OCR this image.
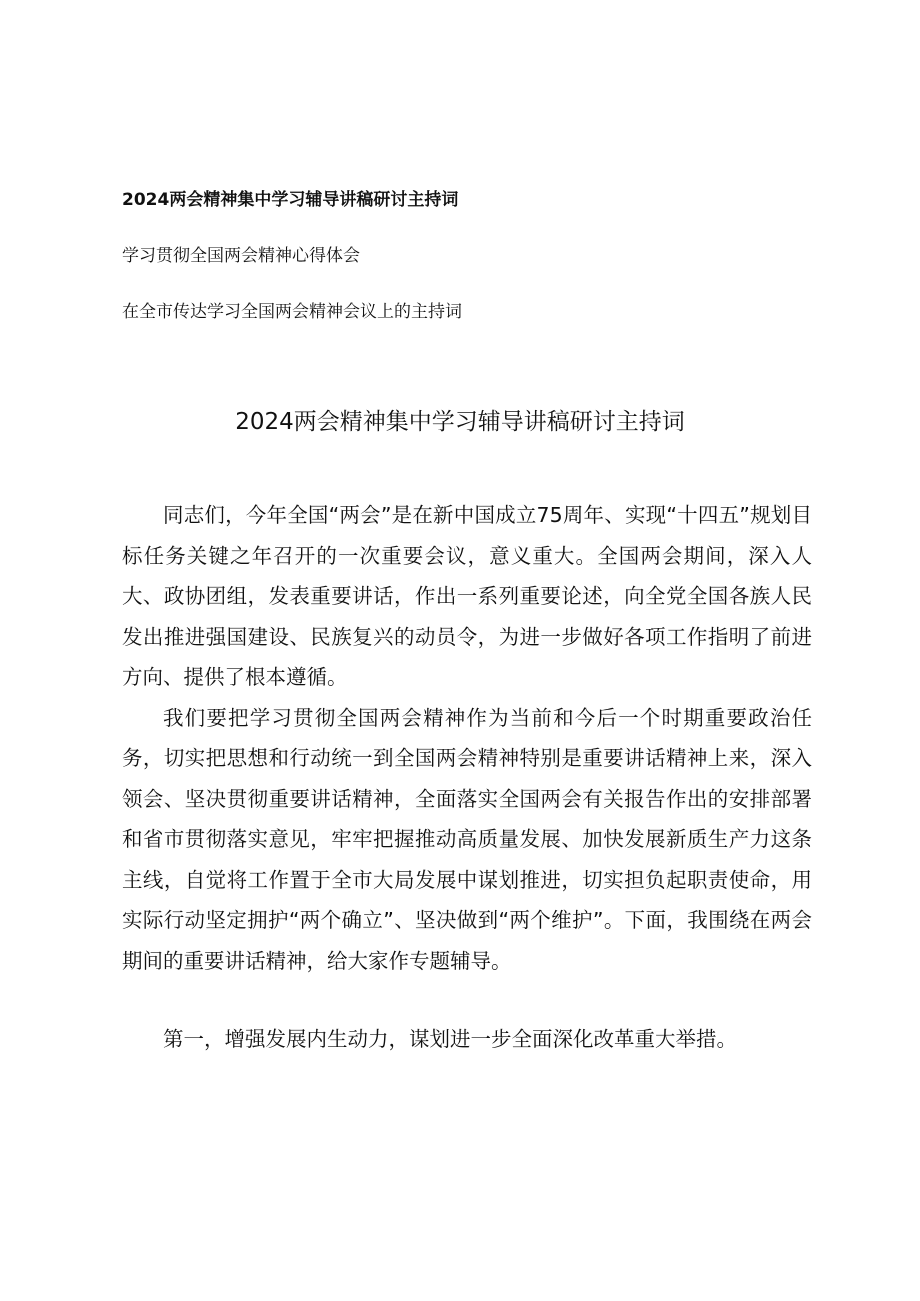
2024两会精神集中学习辅导讲稿研讨主持词
学习贯彻全国两会精神心得体会
在全市传达学习全国两会精神会议上的主持词
2024两会精神集中学习辅导讲稿研讨主持词

同志们，今年全国“两会”是在新中国成立75周年、实现“十四五”规划目标任务关键之年召开的一次重要会议，意义重大。全国两会期间，深入人大、政协团组，发表重要讲话，作出一系列重要论述，向全党全国各族人民发出推进强国建设、民族复兴的动员令，为进一步做好各项工作指明了前进方向、提供了根本遵循。

我们要把学习贯彻全国两会精神作为当前和今后一个时期重要政治任务，切实把思想和行动统一到全国两会精神特别是重要讲话精神上来，深入领会、坚决贯彻重要讲话精神，全面落实全国两会有关报告作出的安排部署和省市贯彻落实意见，牢牢把握推动高质量发展、加快发展新质生产力这条主线，自觉将工作置于全市大局发展中谋划推进，切实担负起职责使命，用实际行动坚定拥护“两个确立”、坚决做到“两个维护”。下面，我围绕在两会期间的重要讲话精神，给大家作专题辅导。

第一，增强发展内生动力，谋划进一步全面深化改革重大举措。
